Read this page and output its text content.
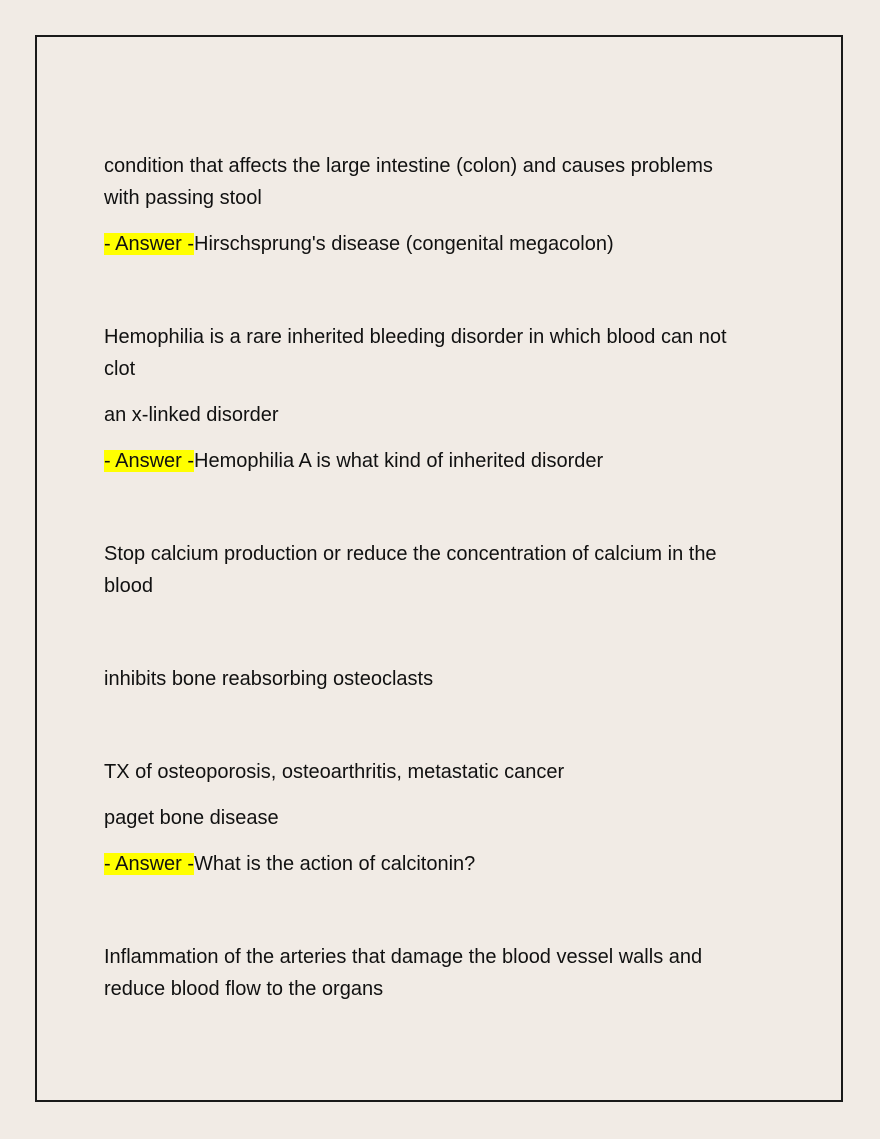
condition that affects the large intestine (colon) and causes problems
with passing stool

- Answer -Hirschsprung's disease (congenital megacolon)

Hemophilia is a rare inherited bleeding disorder in which blood can not
clot

an x-linked disorder

- Answer -Hemophilia A is what kind of inherited disorder

Stop calcium production or reduce the concentration of calcium in the
blood

inhibits bone reabsorbing osteoclasts

TX of osteoporosis, osteoarthritis, metastatic cancer

paget bone disease

- Answer -What is the action of calcitonin?

Inflammation of the arteries that damage the blood vessel walls and
reduce blood flow to the organs
